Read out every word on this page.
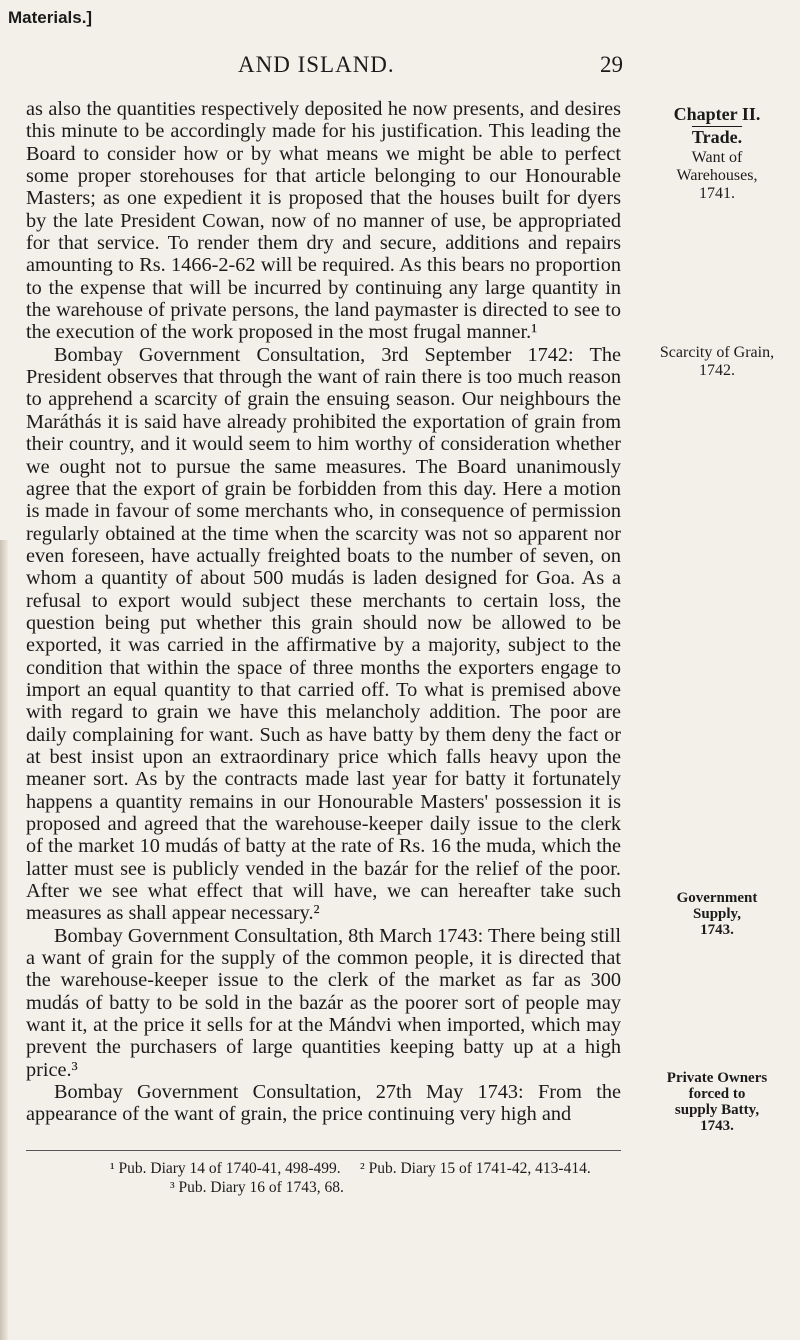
Materials.]
AND ISLAND.	29

as also the quantities respectively deposited he now presents, and desires this minute to be accordingly made for his justification. This leading the Board to consider how or by what means we might be able to perfect some proper storehouses for that article belonging to our Honourable Masters; as one expedient it is proposed that the houses built for dyers by the late President Cowan, now of no manner of use, be appropriated for that service. To render them dry and secure, additions and repairs amounting to Rs. 1466-2-62 will be required. As this bears no proportion to the expense that will be incurred by continuing any large quantity in the warehouse of private persons, the land paymaster is directed to see to the execution of the work proposed in the most frugal manner.¹

Bombay Government Consultation, 3rd September 1742: The President observes that through the want of rain there is too much reason to apprehend a scarcity of grain the ensuing season. Our neighbours the Maráthás it is said have already prohibited the exportation of grain from their country, and it would seem to him worthy of consideration whether we ought not to pursue the same measures. The Board unanimously agree that the export of grain be forbidden from this day. Here a motion is made in favour of some merchants who, in consequence of permission regularly obtained at the time when the scarcity was not so apparent nor even foreseen, have actually freighted boats to the number of seven, on whom a quantity of about 500 mudás is laden designed for Goa. As a refusal to export would subject these merchants to certain loss, the question being put whether this grain should now be allowed to be exported, it was carried in the affirmative by a majority, subject to the condition that within the space of three months the exporters engage to import an equal quantity to that carried off. To what is premised above with regard to grain we have this melancholy addition. The poor are daily complaining for want. Such as have batty by them deny the fact or at best insist upon an extraordinary price which falls heavy upon the meaner sort. As by the contracts made last year for batty it fortunately happens a quantity remains in our Honourable Masters' possession it is proposed and agreed that the warehouse-keeper daily issue to the clerk of the market 10 mudás of batty at the rate of Rs. 16 the muda, which the latter must see is publicly vended in the bazár for the relief of the poor. After we see what effect that will have, we can hereafter take such measures as shall appear necessary.²

Bombay Government Consultation, 8th March 1743: There being still a want of grain for the supply of the common people, it is directed that the warehouse-keeper issue to the clerk of the market as far as 300 mudás of batty to be sold in the bazár as the poorer sort of people may want it, at the price it sells for at the Mándvi when imported, which may prevent the purchasers of large quantities keeping batty up at a high price.³

Bombay Government Consultation, 27th May 1743: From the appearance of the want of grain, the price continuing very high and

Chapter II.
Trade.
Want of
Warehouses,
1741.
Scarcity of Grain,
1742.
Government
Supply,
1743.
Private Owners
forced to
supply Batty,
1743.

¹ Pub. Diary 14 of 1740-41, 498-499. ² Pub. Diary 15 of 1741-42, 413-414.

³ Pub. Diary 16 of 1743, 68.
